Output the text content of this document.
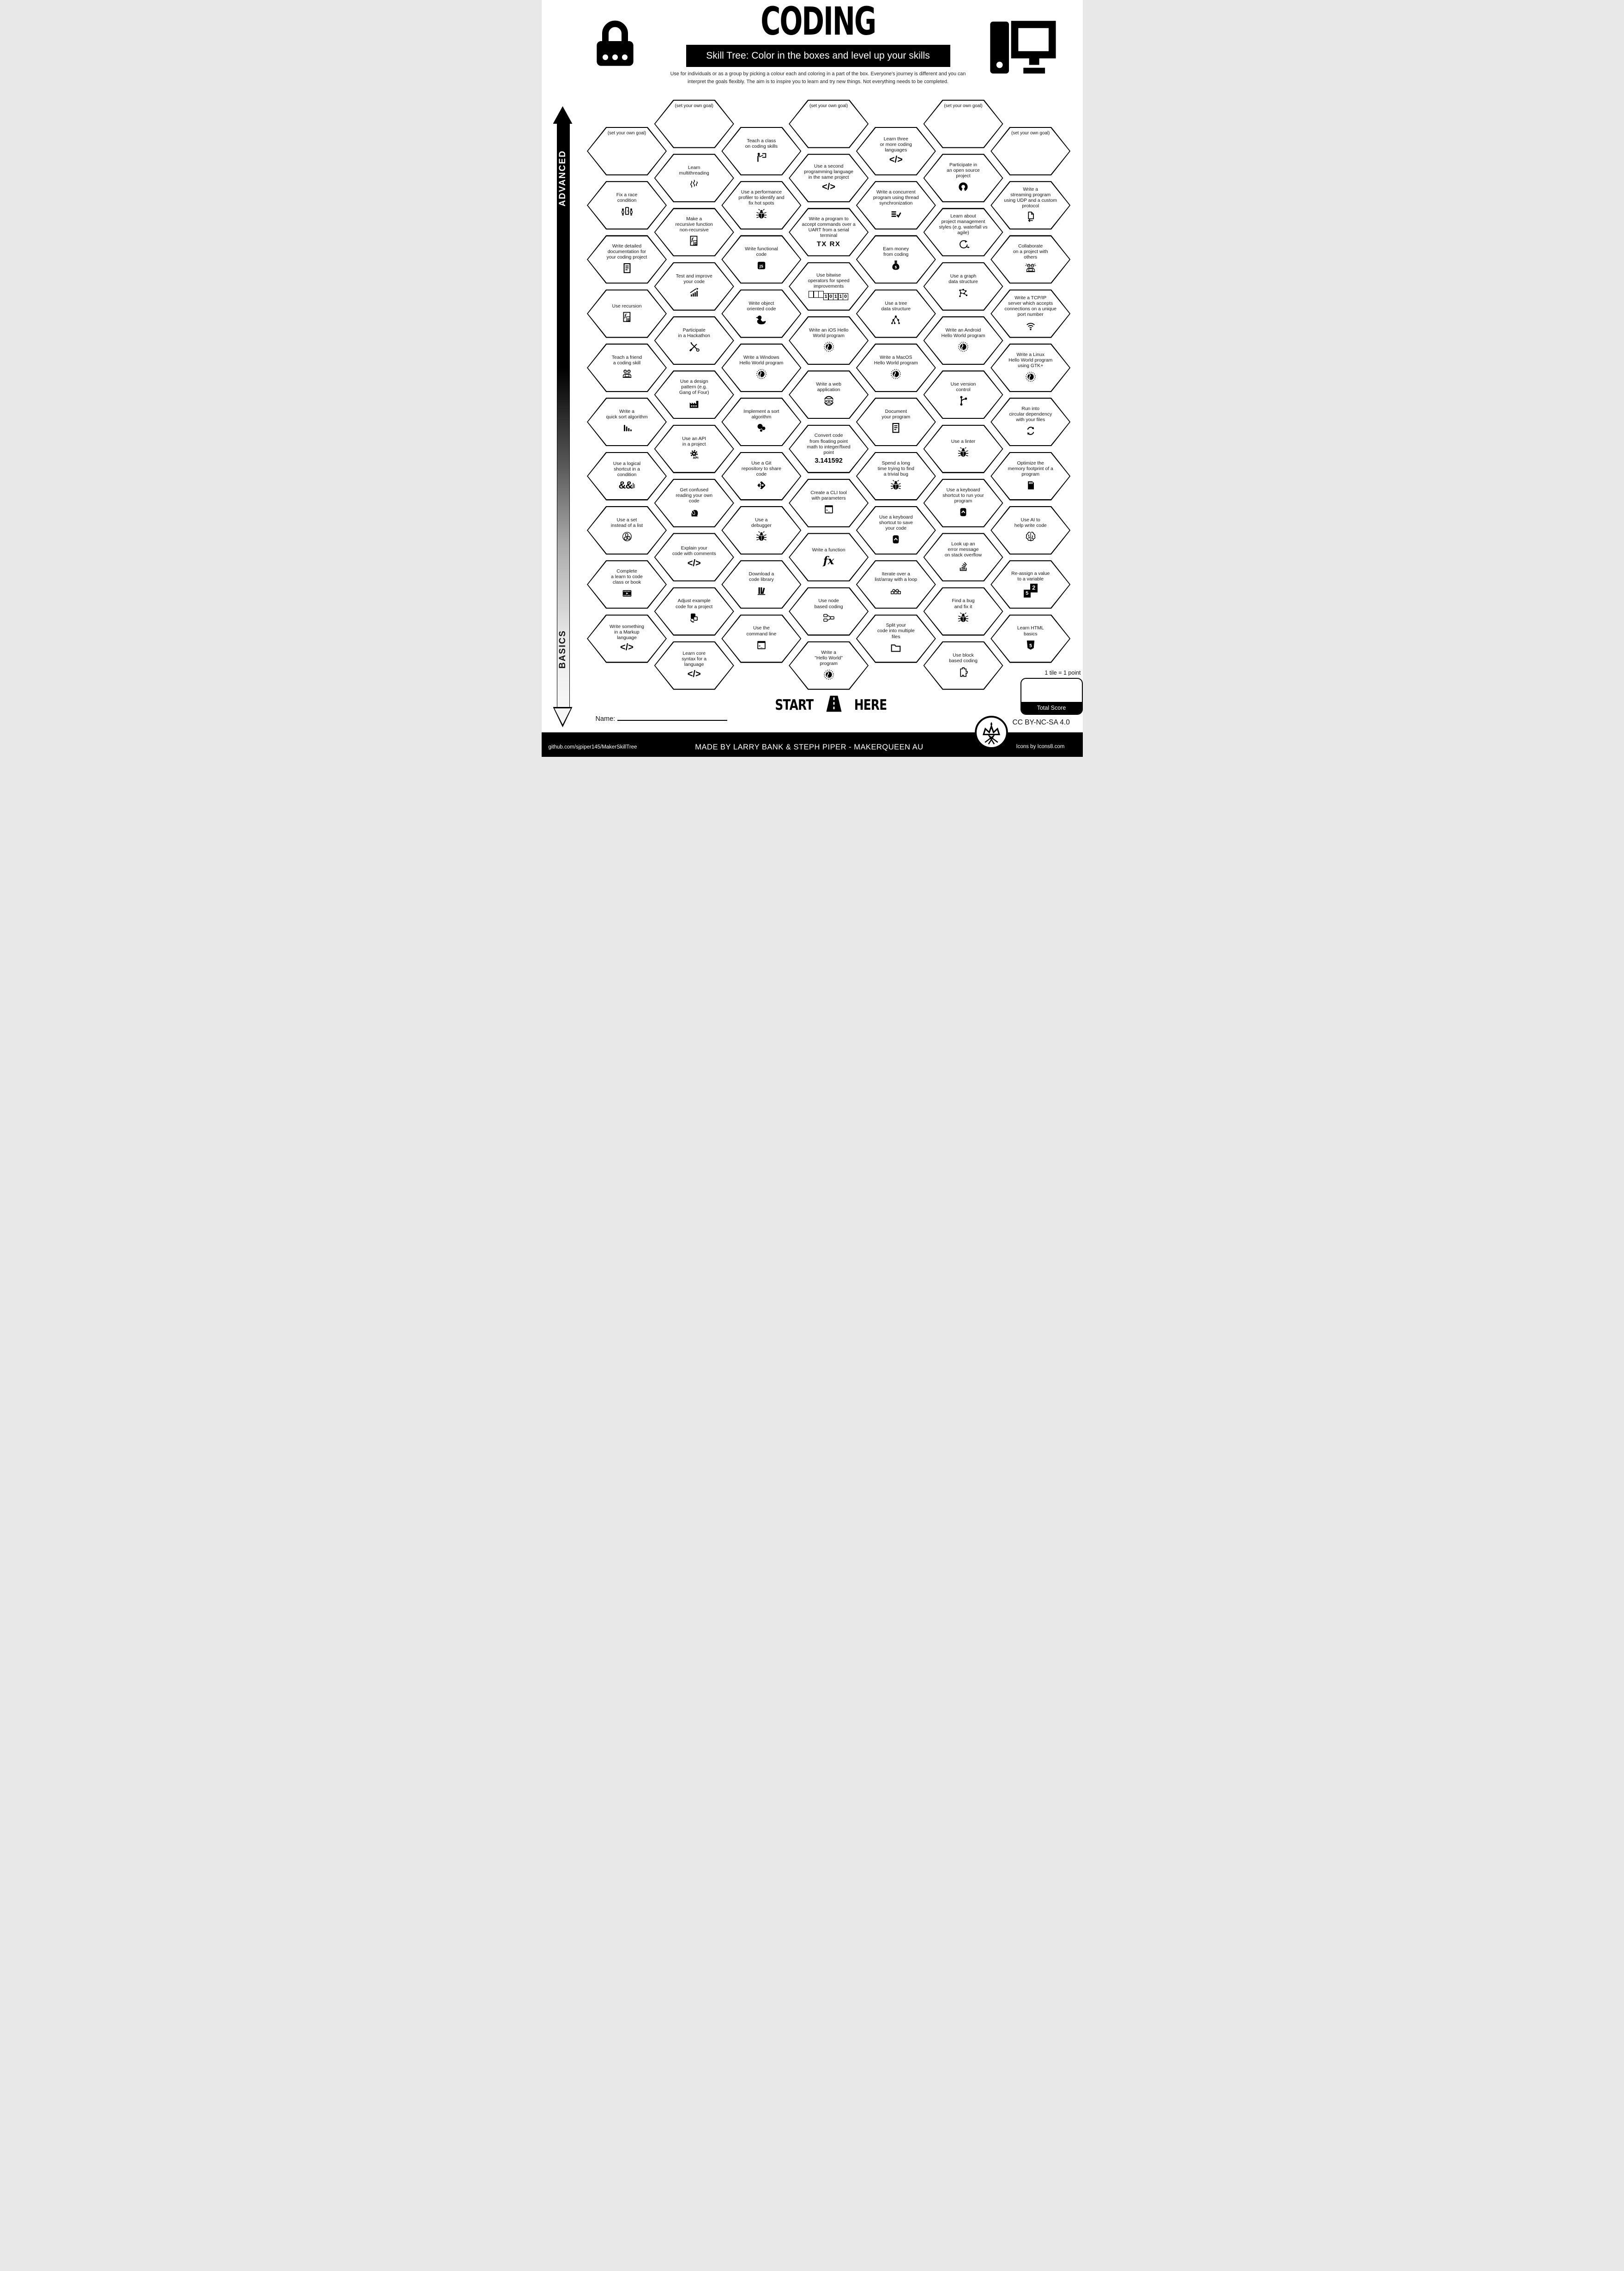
CODING
Skill Tree: Color in the boxes and level up your skills
Use for individuals or as a group by picking a colour each and coloring in a part of the box. Everyone's journey is different and you can
interpret the goals flexibly. The aim is to inspire you to learn and try new things. Not everything needs to be completed.
ADVANCED
BASICS
(set your own goal)
Fix a race
condition
Write detailed
documentation for
your coding project
Use recursion
f
f f
Teach a friend
a coding skill
Write a
quick sort algorithm
Use a logical
shortcut in a
condition
&& ||
Use a set
instead of a list
Complete
a learn to code
class or book
Write something
in a Markup
language
</>
(set your own goal)
Learn
multithreading
Make a
recursive function
non-recursive
f
f f
Test and improve
your code
Participate
in a Hackathon
Use a design
pattern (e.g.
Gang of Four)
Use an API
in a project
API
Get confused
reading your own
code
Explain your
code with comments
</>
Adjust example
code for a project
Learn core
syntax for a
language
</>
Teach a class
on coding skills
Use a performance
profiler to identify and
fix hot spots
Write functional
code
JS
Write object
oriented code
Write a Windows
Hello World program
Implement a sort
algorithm
Use a Git
repository to share
code
Use a
debugger
Download a
code library
Use the
command line
>_
(set your own goal)
Use a second
programming language
in the same project
</>
Write a program to
accept commands over a
UART from a serial
terminal
TX RX
Use bitwise
operators for speed
improvements
1 0 1 1 0
Write an iOS Hello
World program
Write a web
application
www
Convert code
from floating point
math to integer/fixed
point
3.141592
Create a CLI tool
with parameters
>_
Write a function
fx
Use node
based coding
Write a
"Hello World"
program
Learn three
or more coding
languages
</>
Write a concurrent
program using thread
synchronization
Earn money
from coding
$
Use a tree
data structure
Write a MacOS
Hello World program
Document
your program
Spend a long
time trying to find
a trivial bug
Use a keyboard
shortcut to save
your code
Iterate over a
list/array with a loop
Split your
code into multiple
files
(set your own goal)
Participate in
an open source
project
Learn about
project management
styles (e.g. waterfall vs
agile)
Use a graph
data structure
Write an Android
Hello World program
Use version
control
Use a linter
Use a keyboard
shortcut to run your
program
Look up an
error message
on stack overflow
Find a bug
and fix it
Use block
based coding
(set your own goal)
Write a
streaming program
using UDP and a custom
protocol
Collaborate
on a project with
others
Write a TCP/IP
server which accepts
connections on a unique
port number
Write a Linux
Hello World program
using GTK+
Run into
circular dependency
with your files
Optimize the
memory footprint of a
program
Use AI to
help write code
Re-assign a value
to a variable
5
2
Learn HTML
basics
5
START	HERE
Name:
1 tile = 1 point
Total Score
CC BY-NC-SA 4.0
github.com/sjpiper145/MakerSkillTree	MADE BY LARRY BANK & STEPH PIPER - MAKERQUEEN AU	Icons by Icons8.com
